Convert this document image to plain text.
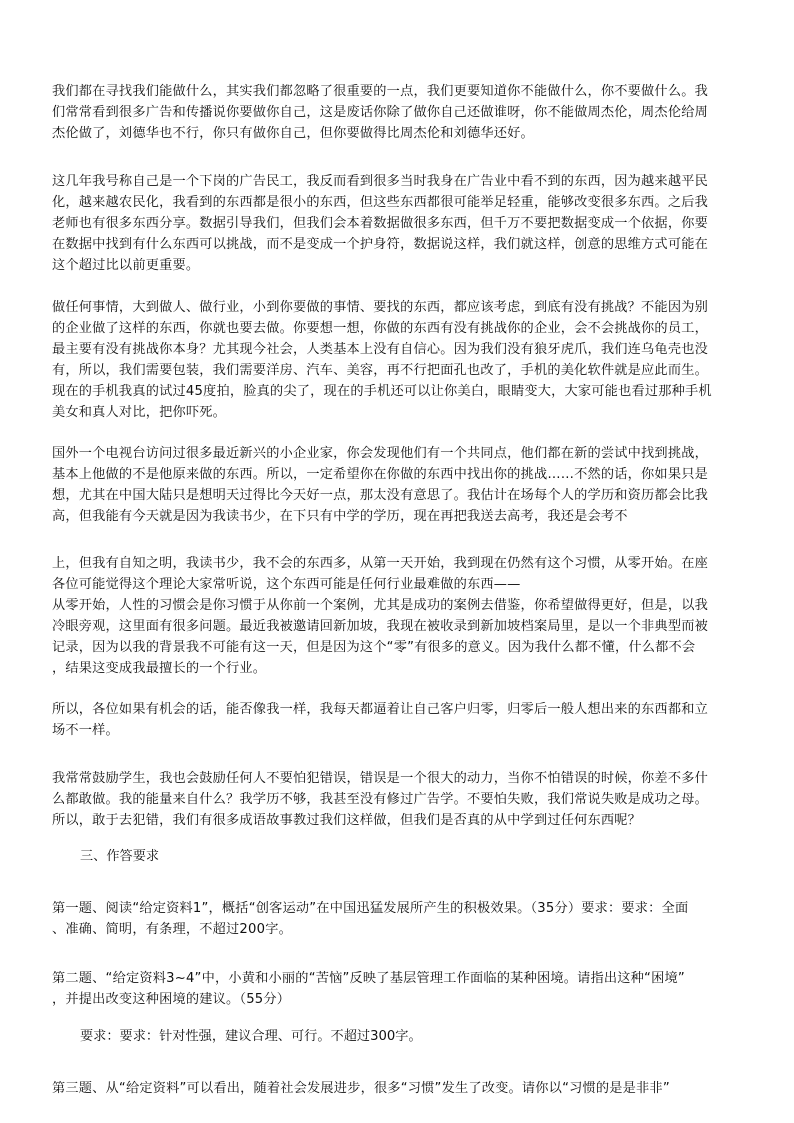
我们都在寻找我们能做什么，其实我们都忽略了很重要的一点，我们更要知道你不能做什么，你不要做什么。我
们常常看到很多广告和传播说你要做你自己，这是废话你除了做你自己还做谁呀，你不能做周杰伦，周杰伦给周
杰伦做了，刘德华也不行，你只有做你自己，但你要做得比周杰伦和刘德华还好。

这几年我号称自己是一个下岗的广告民工，我反而看到很多当时我身在广告业中看不到的东西，因为越来越平民
化，越来越农民化，我看到的东西都是很小的东西，但这些东西都很可能举足轻重，能够改变很多东西。之后我
老师也有很多东西分享。数据引导我们，但我们会本着数据做很多东西，但千万不要把数据变成一个依据，你要
在数据中找到有什么东西可以挑战，而不是变成一个护身符，数据说这样，我们就这样，创意的思维方式可能在
这个超过比以前更重要。

做任何事情，大到做人、做行业，小到你要做的事情、要找的东西，都应该考虑，到底有没有挑战？不能因为别
的企业做了这样的东西，你就也要去做。你要想一想，你做的东西有没有挑战你的企业，会不会挑战你的员工，
最主要有没有挑战你本身？尤其现今社会，人类基本上没有自信心。因为我们没有狼牙虎爪，我们连乌龟壳也没
有，所以，我们需要包装，我们需要洋房、汽车、美容，再不行把面孔也改了，手机的美化软件就是应此而生。
现在的手机我真的试过45度拍，脸真的尖了，现在的手机还可以让你美白，眼睛变大，大家可能也看过那种手机
美女和真人对比，把你吓死。

国外一个电视台访问过很多最近新兴的小企业家，你会发现他们有一个共同点，他们都在新的尝试中找到挑战，
基本上他做的不是他原来做的东西。所以，一定希望你在你做的东西中找出你的挑战……不然的话，你如果只是
想，尤其在中国大陆只是想明天过得比今天好一点，那太没有意思了。我估计在场每个人的学历和资历都会比我
高，但我能有今天就是因为我读书少，在下只有中学的学历，现在再把我送去高考，我还是会考不

上，但我有自知之明，我读书少，我不会的东西多，从第一天开始，我到现在仍然有这个习惯，从零开始。在座
各位可能觉得这个理论大家常听说，这个东西可能是任何行业最难做的东西——
从零开始，人性的习惯会是你习惯于从你前一个案例，尤其是成功的案例去借鉴，你希望做得更好，但是，以我
冷眼旁观，这里面有很多问题。最近我被邀请回新加坡，我现在被收录到新加坡档案局里，是以一个非典型而被
记录，因为以我的背景我不可能有这一天，但是因为这个“零”有很多的意义。因为我什么都不懂，什么都不会
，结果这变成我最擅长的一个行业。

所以，各位如果有机会的话，能否像我一样，我每天都逼着让自己客户归零，归零后一般人想出来的东西都和立
场不一样。

我常常鼓励学生，我也会鼓励任何人不要怕犯错误，错误是一个很大的动力，当你不怕错误的时候，你差不多什
么都敢做。我的能量来自什么？我学历不够，我甚至没有修过广告学。不要怕失败，我们常说失败是成功之母。
所以，敢于去犯错，我们有很多成语故事教过我们这样做，但我们是否真的从中学到过任何东西呢？

三、作答要求

第一题、阅读“给定资料1”，概括“创客运动”在中国迅猛发展所产生的积极效果。（35分）要求：要求：全面
、准确、简明，有条理，不超过200字。

第二题、“给定资料3~4”中，小黄和小丽的“苦恼”反映了基层管理工作面临的某种困境。请指出这种“困境”
，并提出改变这种困境的建议。（55分）

要求：要求：针对性强，建议合理、可行。不超过300字。

第三题、从“给定资料”可以看出，随着社会发展进步，很多“习惯”发生了改变。请你以“习惯的是是非非”
